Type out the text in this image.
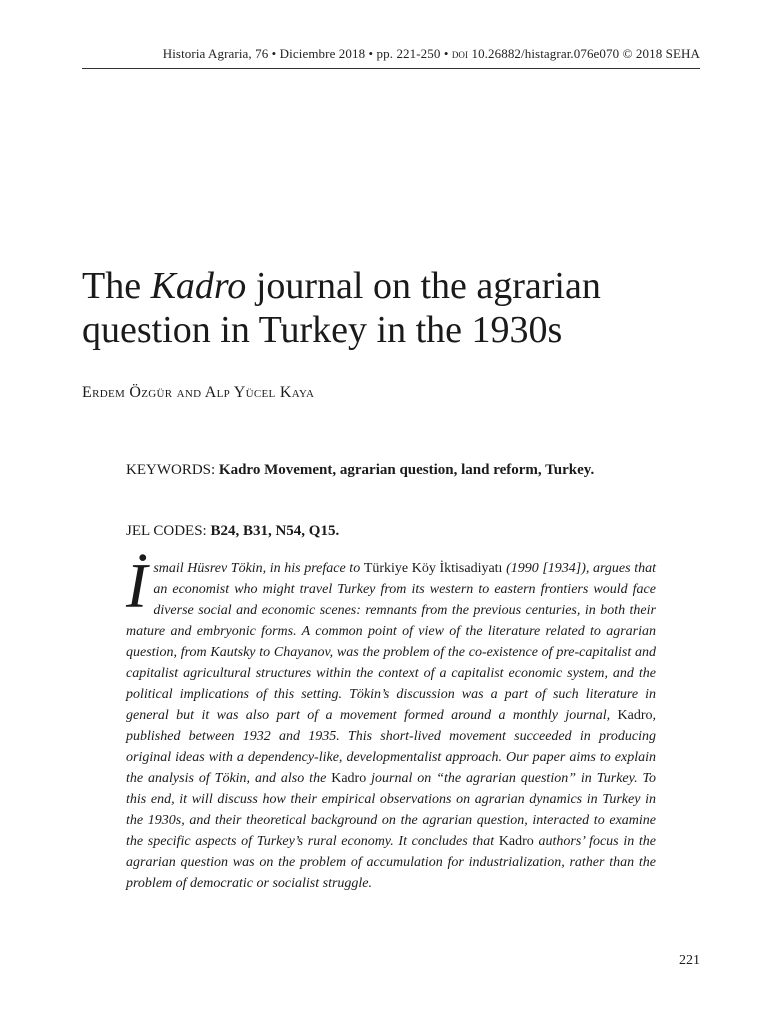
Historia Agraria, 76 • Diciembre 2018 • pp. 221-250 • doi 10.26882/histagrar.076e070 © 2018 SEHA
The Kadro journal on the agrarian question in Turkey in the 1930s
Erdem Özgür and Alp Yücel Kaya
KEYWORDS: Kadro Movement, agrarian question, land reform, Turkey.
JEL CODES: B24, B31, N54, Q15.
İsmail Hüsrev Tökin, in his preface to Türkiye Köy İktisadiyatı (1990 [1934]), argues that an economist who might travel Turkey from its western to eastern frontiers would face diverse social and economic scenes: remnants from the previous centuries, in both their mature and embryonic forms. A common point of view of the literature related to agrarian question, from Kautsky to Chayanov, was the problem of the co-existence of pre-capitalist and capitalist agricultural structures within the context of a capitalist economic system, and the political implications of this setting. Tökin’s discussion was a part of such literature in general but it was also part of a movement formed around a monthly journal, Kadro, published between 1932 and 1935. This short-lived movement succeeded in producing original ideas with a dependency-like, developmentalist approach. Our paper aims to explain the analysis of Tökin, and also the Kadro journal on “the agrarian question” in Turkey. To this end, it will discuss how their empirical observations on agrarian dynamics in Turkey in the 1930s, and their theoretical background on the agrarian question, interacted to examine the specific aspects of Turkey’s rural economy. It concludes that Kadro authors’ focus in the agrarian question was on the problem of accumulation for industrialization, rather than the problem of democratic or socialist struggle.
221
